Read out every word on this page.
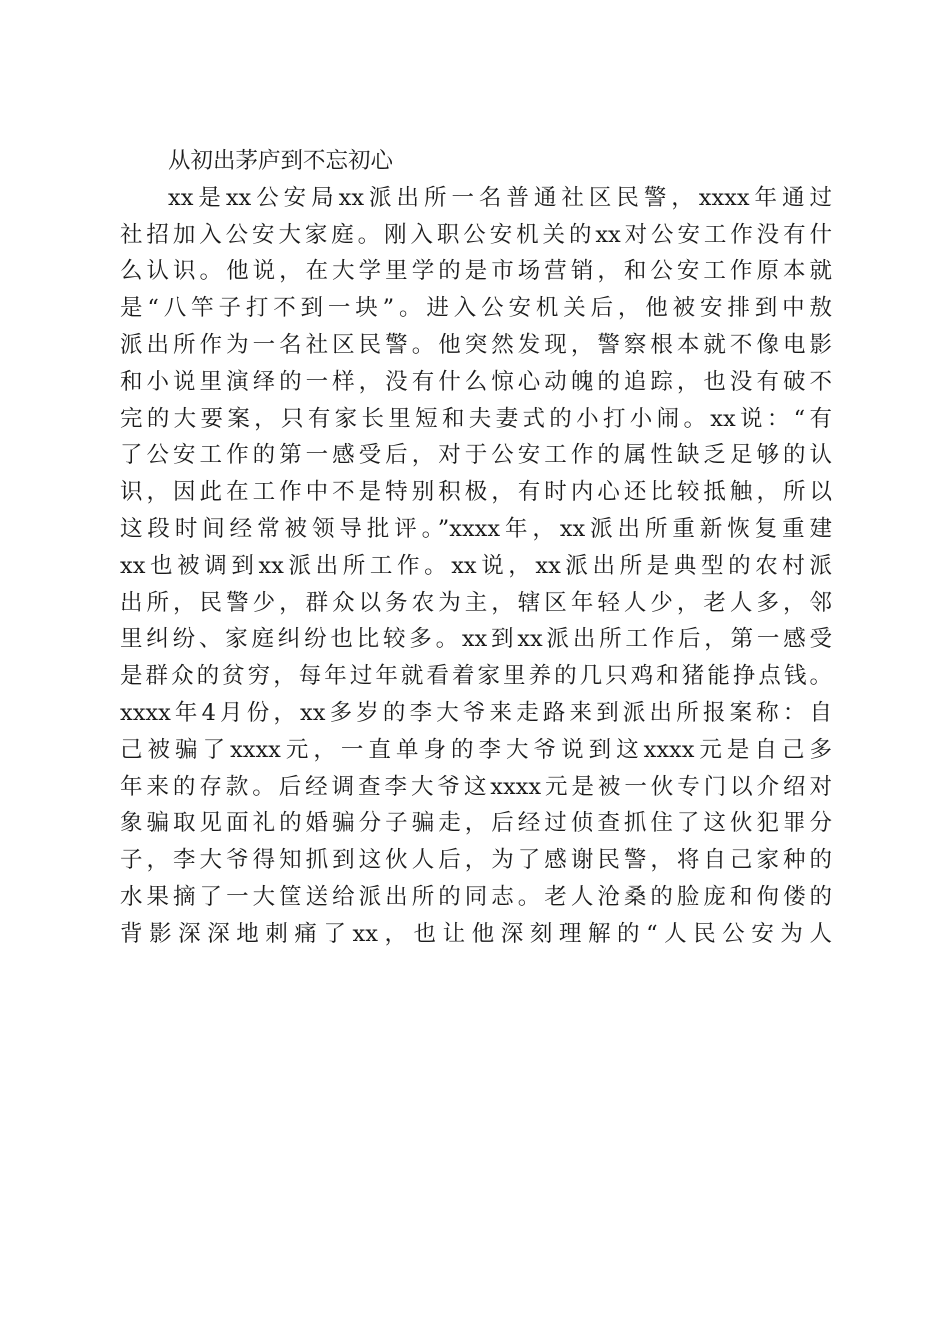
从初出茅庐到不忘初心
xx是xx公安局xx派出所一名普通社区民警，xxxx年通过
社招加入公安大家庭。刚入职公安机关的xx对公安工作没有什
么认识。他说，在大学里学的是市场营销，和公安工作原本就
是“八竿子打不到一块”。进入公安机关后，他被安排到中敖
派出所作为一名社区民警。他突然发现，警察根本就不像电影
和小说里演绎的一样，没有什么惊心动魄的追踪，也没有破不
完的大要案，只有家长里短和夫妻式的小打小闹。xx说：“有
了公安工作的第一感受后，对于公安工作的属性缺乏足够的认
识，因此在工作中不是特别积极，有时内心还比较抵触，所以
这段时间经常被领导批评。”xxxx年，xx派出所重新恢复重建
xx也被调到xx派出所工作。xx说，xx派出所是典型的农村派
出所，民警少，群众以务农为主，辖区年轻人少，老人多，邻
里纠纷、家庭纠纷也比较多。xx到xx派出所工作后，第一感受
是群众的贫穷，每年过年就看着家里养的几只鸡和猪能挣点钱。
xxxx年4月份，xx多岁的李大爷来走路来到派出所报案称：自
己被骗了xxxx元，一直单身的李大爷说到这xxxx元是自己多
年来的存款。后经调查李大爷这xxxx元是被一伙专门以介绍对
象骗取见面礼的婚骗分子骗走，后经过侦查抓住了这伙犯罪分
子，李大爷得知抓到这伙人后，为了感谢民警，将自己家种的
水果摘了一大筐送给派出所的同志。老人沧桑的脸庞和佝偻的
背影深深地刺痛了xx，也让他深刻理解的“人民公安为人
